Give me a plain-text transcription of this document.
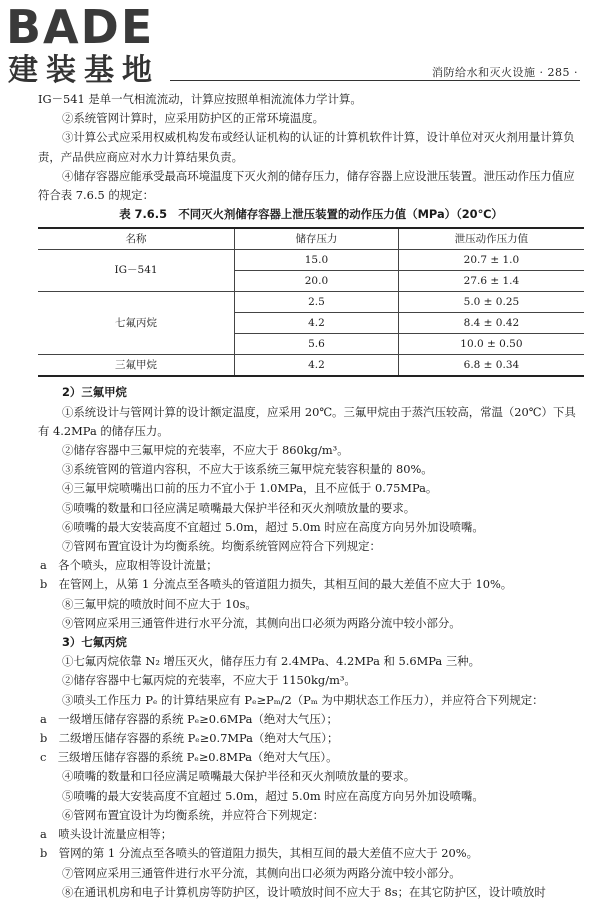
BADE
建装基地	消防给水和灭火设施 · 285 ·

IG－541 是单一气相流流动，计算应按照单相流流体力学计算。

②系统管网计算时，应采用防护区的正常环境温度。

③计算公式应采用权威机构发布或经认证机构的认证的计算机软件计算，设计单位对灭火剂用量计算负责，产品供应商应对水力计算结果负责。

④储存容器应能承受最高环境温度下灭火剂的储存压力，储存容器上应设泄压装置。泄压动作压力值应符合表 7.6.5 的规定：

表 7.6.5　不同灭火剂储存容器上泄压装置的动作压力值（MPa）（20℃）
名称	储存压力	泄压动作压力值
IG－541	15.0	20.7 ± 1.0
	20.0	27.6 ± 1.4
七氟丙烷	2.5	5.0 ± 0.25
	4.2	8.4 ± 0.42
	5.6	10.0 ± 0.50
三氟甲烷	4.2	6.8 ± 0.34

2）三氟甲烷

①系统设计与管网计算的设计额定温度，应采用 20℃。三氟甲烷由于蒸汽压较高，常温（20℃）下具有 4.2MPa 的储存压力。

②储存容器中三氟甲烷的充装率，不应大于 860kg/m³。

③系统管网的管道内容积，不应大于该系统三氟甲烷充装容积量的 80%。

④三氟甲烷喷嘴出口前的压力不宜小于 1.0MPa，且不应低于 0.75MPa。

⑤喷嘴的数量和口径应满足喷嘴最大保护半径和灭火剂喷放量的要求。

⑥喷嘴的最大安装高度不宜超过 5.0m，超过 5.0m 时应在高度方向另外加设喷嘴。

⑦管网布置宜设计为均衡系统。均衡系统管网应符合下列规定：

a　各个喷头，应取相等设计流量；

b　在管网上，从第 1 分流点至各喷头的管道阻力损失，其相互间的最大差值不应大于 10%。

⑧三氟甲烷的喷放时间不应大于 10s。

⑨管网应采用三通管件进行水平分流，其侧向出口必须为两路分流中较小部分。

3）七氟丙烷

①七氟丙烷依靠 N₂ 增压灭火，储存压力有 2.4MPa、4.2MPa 和 5.6MPa 三种。

②储存容器中七氟丙烷的充装率，不应大于 1150kg/m³。

③喷头工作压力 Pₑ 的计算结果应有 Pₑ≥Pₘ/2（Pₘ 为中期状态工作压力），并应符合下列规定：

a　一级增压储存容器的系统 Pₑ≥0.6MPa（绝对大气压）；

b　二级增压储存容器的系统 Pₑ≥0.7MPa（绝对大气压）；

c　三级增压储存容器的系统 Pₑ≥0.8MPa（绝对大气压）。

④喷嘴的数量和口径应满足喷嘴最大保护半径和灭火剂喷放量的要求。

⑤喷嘴的最大安装高度不宜超过 5.0m，超过 5.0m 时应在高度方向另外加设喷嘴。

⑥管网布置宜设计为均衡系统，并应符合下列规定：

a　喷头设计流量应相等；

b　管网的第 1 分流点至各喷头的管道阻力损失，其相互间的最大差值不应大于 20%。

⑦管网应采用三通管件进行水平分流，其侧向出口必须为两路分流中较小部分。

⑧在通讯机房和电子计算机房等防护区，设计喷放时间不应大于 8s；在其它防护区，设计喷放时
